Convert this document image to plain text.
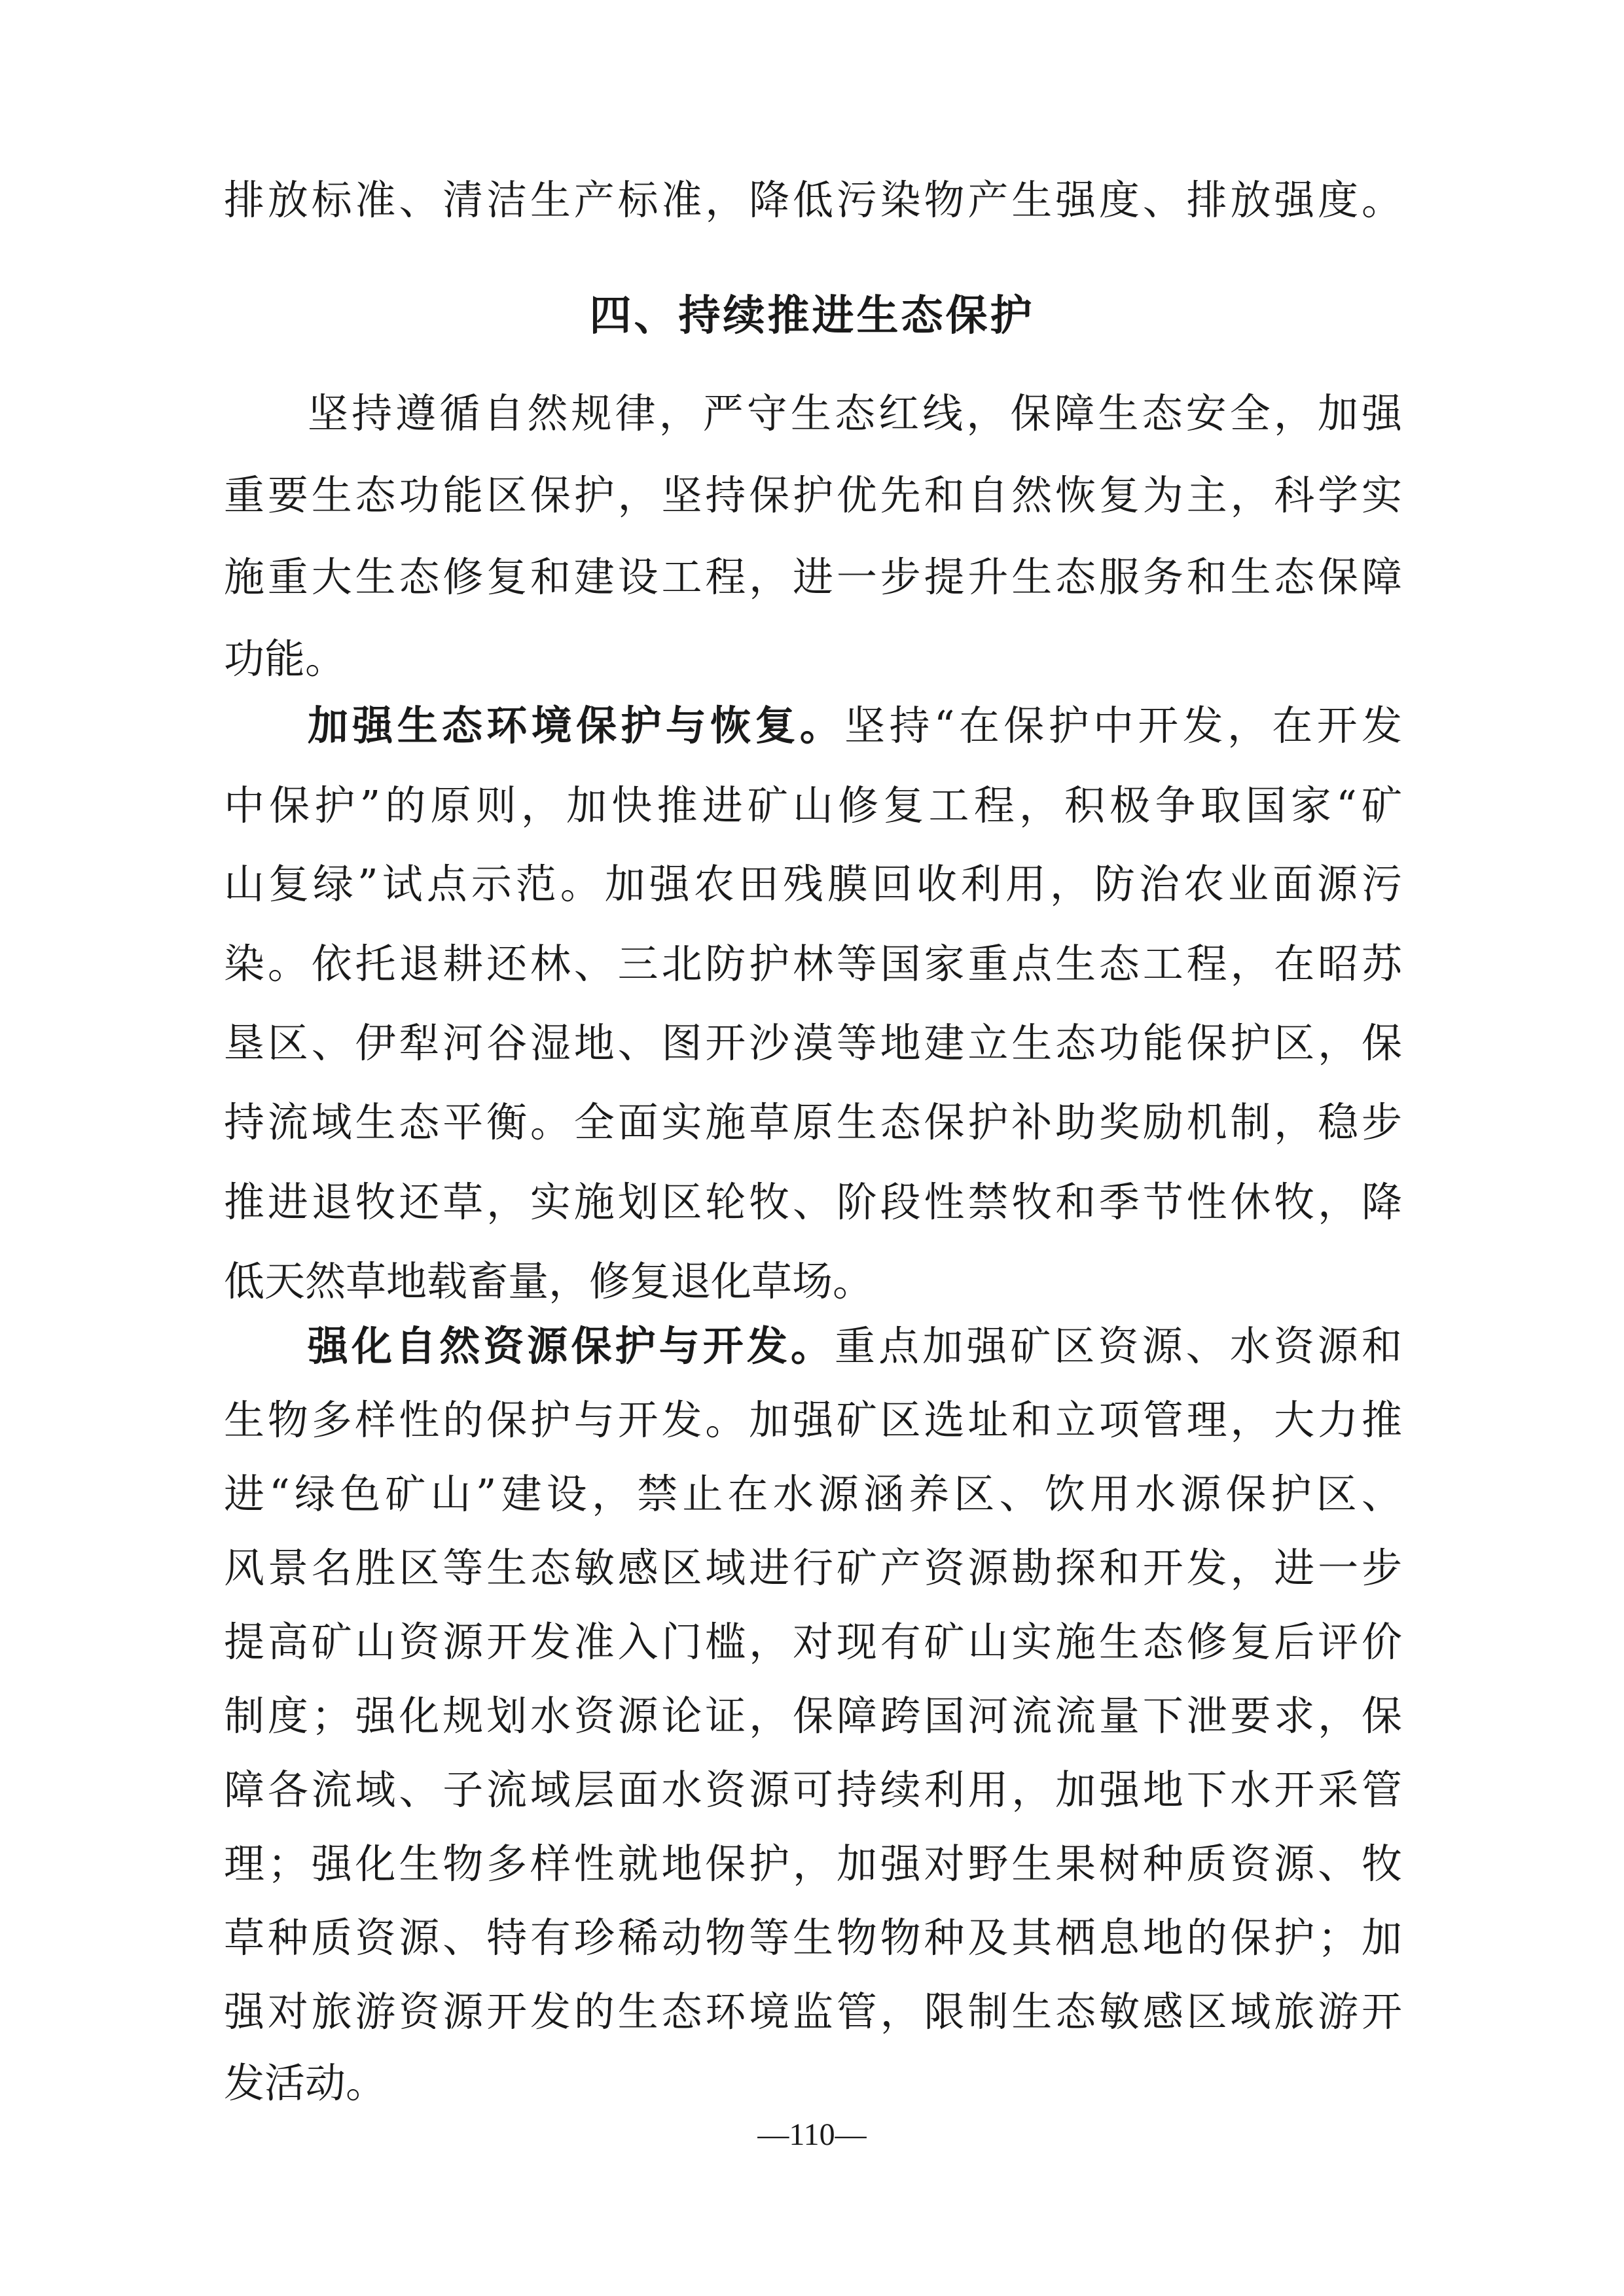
排放标准、清洁生产标准，降低污染物产生强度、排放强度。
四、持续推进生态保护
坚持遵循自然规律，严守生态红线，保障生态安全，加强
重要生态功能区保护，坚持保护优先和自然恢复为主，科学实
施重大生态修复和建设工程，进一步提升生态服务和生态保障
功能。
加强生态环境保护与恢复。坚持“在保护中开发，在开发
中保护”的原则，加快推进矿山修复工程，积极争取国家“矿
山复绿”试点示范。加强农田残膜回收利用，防治农业面源污
染。依托退耕还林、三北防护林等国家重点生态工程，在昭苏
垦区、伊犁河谷湿地、图开沙漠等地建立生态功能保护区，保
持流域生态平衡。全面实施草原生态保护补助奖励机制，稳步
推进退牧还草，实施划区轮牧、阶段性禁牧和季节性休牧，降
低天然草地载畜量，修复退化草场。
强化自然资源保护与开发。重点加强矿区资源、水资源和
生物多样性的保护与开发。加强矿区选址和立项管理，大力推
进“绿色矿山”建设，禁止在水源涵养区、饮用水源保护区、
风景名胜区等生态敏感区域进行矿产资源勘探和开发，进一步
提高矿山资源开发准入门槛，对现有矿山实施生态修复后评价
制度；强化规划水资源论证，保障跨国河流流量下泄要求，保
障各流域、子流域层面水资源可持续利用，加强地下水开采管
理；强化生物多样性就地保护，加强对野生果树种质资源、牧
草种质资源、特有珍稀动物等生物物种及其栖息地的保护；加
强对旅游资源开发的生态环境监管，限制生态敏感区域旅游开
发活动。
—110—
